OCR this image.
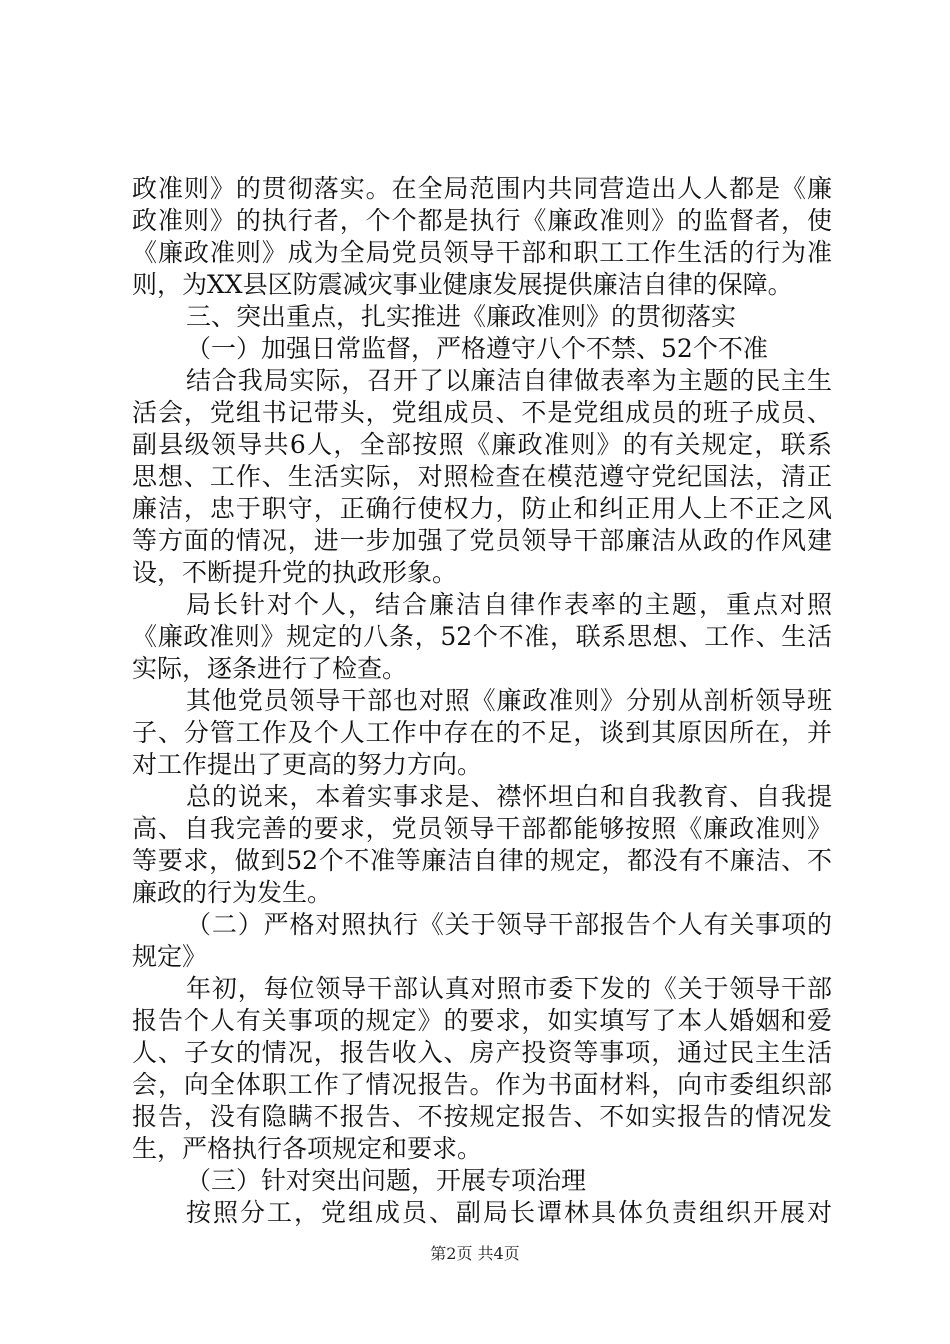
政准则》的贯彻落实。在全局范围内共同营造出人人都是《廉
政准则》的执行者，个个都是执行《廉政准则》的监督者，使
《廉政准则》成为全局党员领导干部和职工工作生活的行为准
则，为XX县区防震减灾事业健康发展提供廉洁自律的保障。
三、突出重点，扎实推进《廉政准则》的贯彻落实
（一）加强日常监督，严格遵守八个不禁、52个不准
结合我局实际，召开了以廉洁自律做表率为主题的民主生
活会，党组书记带头，党组成员、不是党组成员的班子成员、
副县级领导共6人，全部按照《廉政准则》的有关规定，联系
思想、工作、生活实际，对照检查在模范遵守党纪国法，清正
廉洁，忠于职守，正确行使权力，防止和纠正用人上不正之风
等方面的情况，进一步加强了党员领导干部廉洁从政的作风建
设，不断提升党的执政形象。
局长针对个人，结合廉洁自律作表率的主题，重点对照
《廉政准则》规定的八条，52个不准，联系思想、工作、生活
实际，逐条进行了检查。
其他党员领导干部也对照《廉政准则》分别从剖析领导班
子、分管工作及个人工作中存在的不足，谈到其原因所在，并
对工作提出了更高的努力方向。
总的说来，本着实事求是、襟怀坦白和自我教育、自我提
高、自我完善的要求，党员领导干部都能够按照《廉政准则》
等要求，做到52个不准等廉洁自律的规定，都没有不廉洁、不
廉政的行为发生。
（二）严格对照执行《关于领导干部报告个人有关事项的
规定》
年初，每位领导干部认真对照市委下发的《关于领导干部
报告个人有关事项的规定》的要求，如实填写了本人婚姻和爱
人、子女的情况，报告收入、房产投资等事项，通过民主生活
会，向全体职工作了情况报告。作为书面材料，向市委组织部
报告，没有隐瞒不报告、不按规定报告、不如实报告的情况发
生，严格执行各项规定和要求。
（三）针对突出问题，开展专项治理
按照分工，党组成员、副局长谭林具体负责组织开展对
第2页 共4页
